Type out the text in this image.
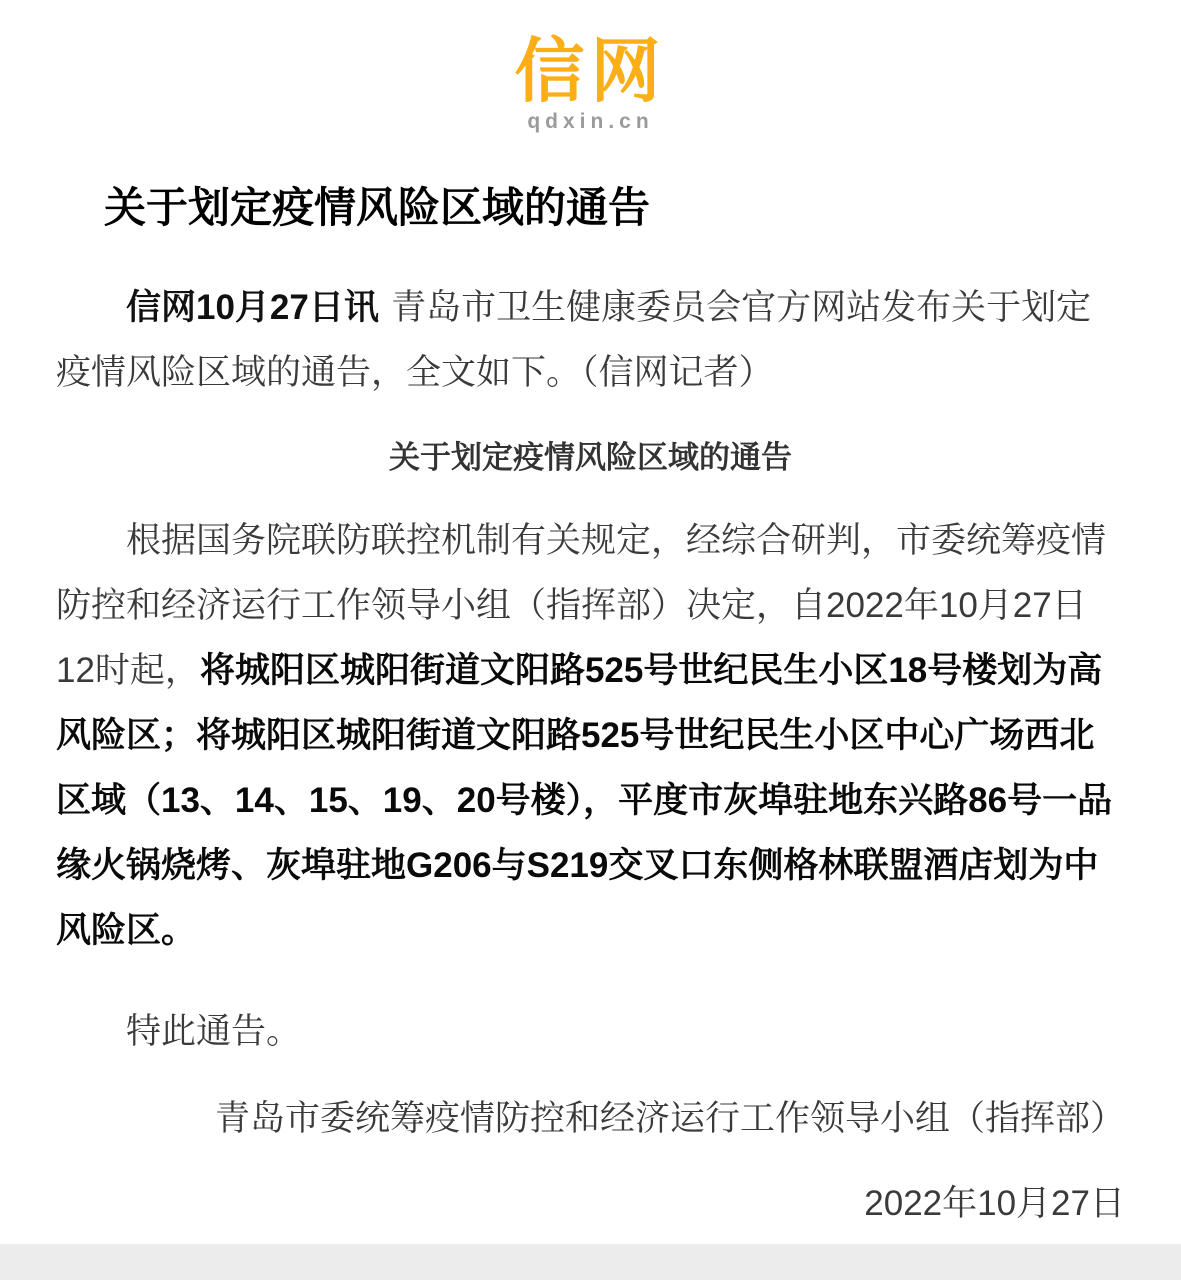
信网
qdxin.cn
关于划定疫情风险区域的通告

信网10月27日讯 青岛市卫生健康委员会官方网站发布关于划定疫情风险区域的通告，全文如下。（信网记者）

关于划定疫情风险区域的通告

根据国务院联防联控机制有关规定，经综合研判，市委统筹疫情防控和经济运行工作领导小组（指挥部）决定，自2022年10月27日12时起，将城阳区城阳街道文阳路525号世纪民生小区18号楼划为高风险区；将城阳区城阳街道文阳路525号世纪民生小区中心广场西北区域（13、14、15、19、20号楼），平度市灰埠驻地东兴路86号一品缘火锅烧烤、灰埠驻地G206与S219交叉口东侧格林联盟酒店划为中风险区。

特此通告。

青岛市委统筹疫情防控和经济运行工作领导小组（指挥部）

2022年10月27日
